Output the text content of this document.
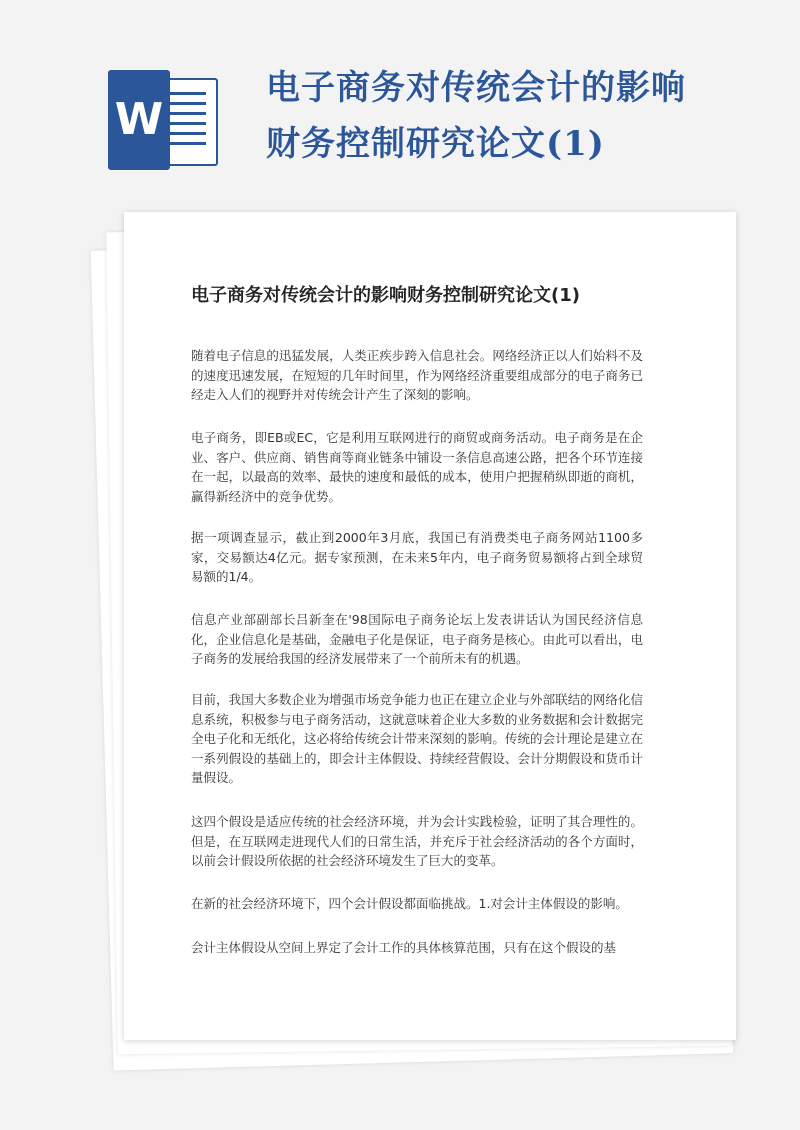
W
电子商务对传统会计的影响财务控制研究论文(1)
电子商务对传统会计的影响财务控制研究论文(1)

随着电子信息的迅猛发展，人类正疾步跨入信息社会。网络经济正以人们始料不及的速度迅速发展，在短短的几年时间里，作为网络经济重要组成部分的电子商务已经走入人们的视野并对传统会计产生了深刻的影响。

电子商务，即EB或EC，它是利用互联网进行的商贸或商务活动。电子商务是在企业、客户、供应商、销售商等商业链条中铺设一条信息高速公路，把各个环节连接在一起，以最高的效率、最快的速度和最低的成本，使用户把握稍纵即逝的商机，赢得新经济中的竞争优势。

据一项调查显示，截止到2000年3月底，我国已有消费类电子商务网站1100多家，交易额达4亿元。据专家预测，在未来5年内，电子商务贸易额将占到全球贸易额的1/4。

信息产业部副部长吕新奎在'98国际电子商务论坛上发表讲话认为国民经济信息化，企业信息化是基础，金融电子化是保证，电子商务是核心。由此可以看出，电子商务的发展给我国的经济发展带来了一个前所未有的机遇。

目前，我国大多数企业为增强市场竞争能力也正在建立企业与外部联结的网络化信息系统，积极参与电子商务活动，这就意味着企业大多数的业务数据和会计数据完全电子化和无纸化，这必将给传统会计带来深刻的影响。传统的会计理论是建立在一系列假设的基础上的，即会计主体假设、持续经营假设、会计分期假设和货币计量假设。

这四个假设是适应传统的社会经济环境，并为会计实践检验，证明了其合理性的。但是，在互联网走进现代人们的日常生活，并充斥于社会经济活动的各个方面时，以前会计假设所依据的社会经济环境发生了巨大的变革。

在新的社会经济环境下，四个会计假设都面临挑战。1.对会计主体假设的影响。

会计主体假设从空间上界定了会计工作的具体核算范围，只有在这个假设的基
